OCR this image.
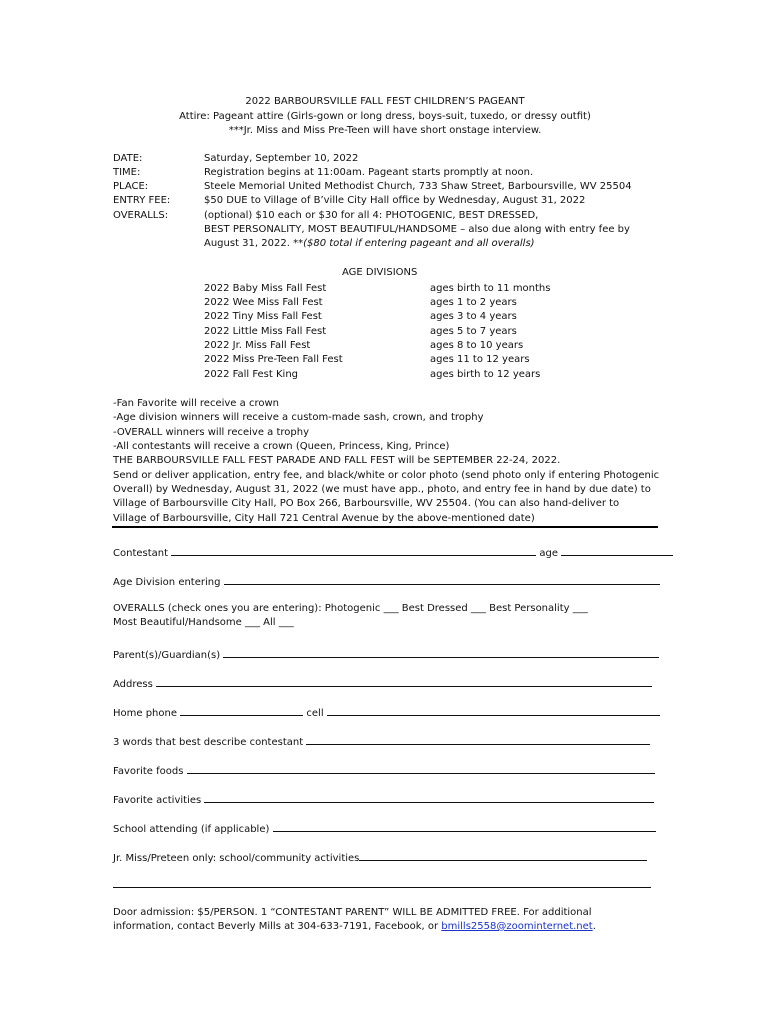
2022 BARBOURSVILLE FALL FEST CHILDREN’S PAGEANT
Attire: Pageant attire (Girls-gown or long dress, boys-suit, tuxedo, or dressy outfit)
***Jr. Miss and Miss Pre-Teen will have short onstage interview.
DATE:	Saturday, September 10, 2022
TIME:	Registration begins at 11:00am. Pageant starts promptly at noon.
PLACE:	Steele Memorial United Methodist Church, 733 Shaw Street, Barboursville, WV 25504
ENTRY FEE:	$50 DUE to Village of B’ville City Hall office by Wednesday, August 31, 2022
OVERALLS:	(optional) $10 each or $30 for all 4: PHOTOGENIC, BEST DRESSED,
BEST PERSONALITY, MOST BEAUTIFUL/HANDSOME – also due along with entry fee by
August 31, 2022. **($80 total if entering pageant and all overalls)
AGE DIVISIONS
2022 Baby Miss Fall Fest	ages birth to 11 months
2022 Wee Miss Fall Fest	ages 1 to 2 years
2022 Tiny Miss Fall Fest	ages 3 to 4 years
2022 Little Miss Fall Fest	ages 5 to 7 years
2022 Jr. Miss Fall Fest	ages 8 to 10 years
2022 Miss Pre-Teen Fall Fest	ages 11 to 12 years
2022 Fall Fest King	ages birth to 12 years
-Fan Favorite will receive a crown
-Age division winners will receive a custom-made sash, crown, and trophy
-OVERALL winners will receive a trophy
-All contestants will receive a crown (Queen, Princess, King, Prince)
THE BARBOURSVILLE FALL FEST PARADE AND FALL FEST will be SEPTEMBER 22-24, 2022.
Send or deliver application, entry fee, and black/white or color photo (send photo only if entering Photogenic
Overall) by Wednesday, August 31, 2022 (we must have app., photo, and entry fee in hand by due date) to
Village of Barboursville City Hall, PO Box 266, Barboursville, WV 25504. (You can also hand-deliver to
Village of Barboursville, City Hall 721 Central Avenue by the above-mentioned date)
Contestant	age
Age Division entering
OVERALLS (check ones you are entering): Photogenic ___ Best Dressed ___ Best Personality ___
Most Beautiful/Handsome ___ All ___
Parent(s)/Guardian(s)
Address
Home phone	cell
3 words that best describe contestant
Favorite foods
Favorite activities
School attending (if applicable)
Jr. Miss/Preteen only: school/community activities
Door admission: $5/PERSON. 1 “CONTESTANT PARENT” WILL BE ADMITTED FREE. For additional
information, contact Beverly Mills at 304-633-7191, Facebook, or bmills2558@zoominternet.net.
